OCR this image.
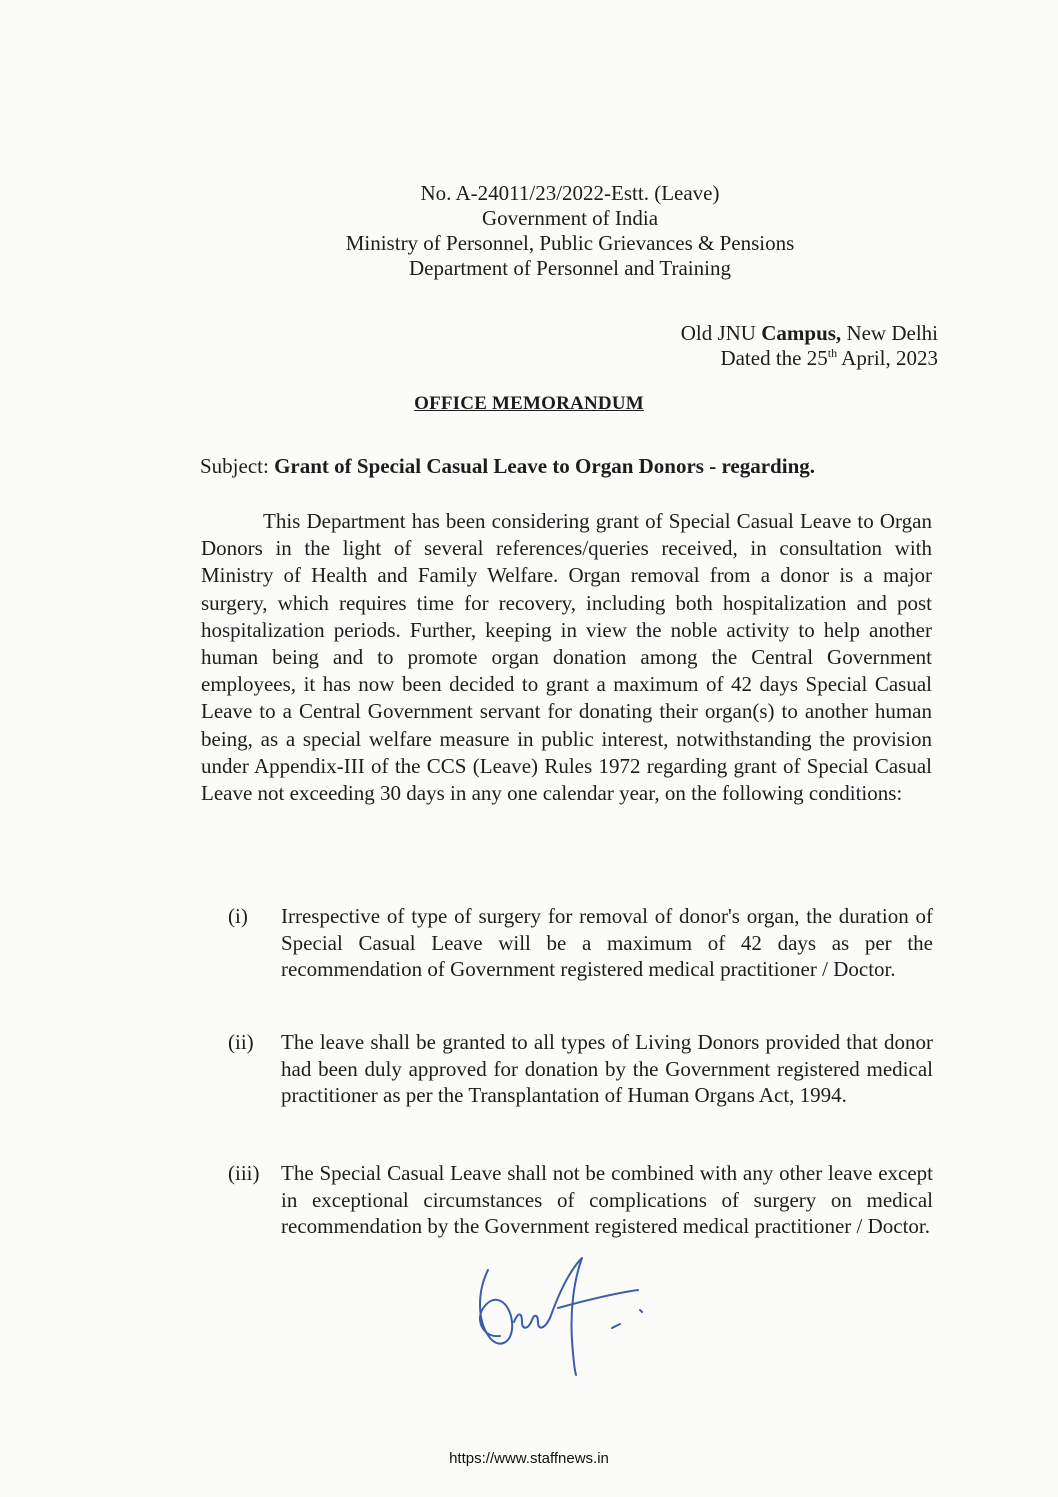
No. A-24011/23/2022-Estt. (Leave)
Government of India
Ministry of Personnel, Public Grievances & Pensions
Department of Personnel and Training
Old JNU Campus, New Delhi
Dated the 25th April, 2023
OFFICE MEMORANDUM
Subject: Grant of Special Casual Leave to Organ Donors - regarding.

This Department has been considering grant of Special Casual Leave to Organ Donors in the light of several references/queries received, in consultation with Ministry of Health and Family Welfare. Organ removal from a donor is a major surgery, which requires time for recovery, including both hospitalization and post hospitalization periods. Further, keeping in view the noble activity to help another human being and to promote organ donation among the Central Government employees, it has now been decided to grant a maximum of 42 days Special Casual Leave to a Central Government servant for donating their organ(s) to another human being, as a special welfare measure in public interest, notwithstanding the provision under Appendix-III of the CCS (Leave) Rules 1972 regarding grant of Special Casual Leave not exceeding 30 days in any one calendar year, on the following conditions:

(i) Irrespective of type of surgery for removal of donor's organ, the duration of Special Casual Leave will be a maximum of 42 days as per the recommendation of Government registered medical practitioner / Doctor.
(ii) The leave shall be granted to all types of Living Donors provided that donor had been duly approved for donation by the Government registered medical practitioner as per the Transplantation of Human Organs Act, 1994.
(iii) The Special Casual Leave shall not be combined with any other leave except in exceptional circumstances of complications of surgery on medical recommendation by the Government registered medical practitioner / Doctor.
https://www.staffnews.in
